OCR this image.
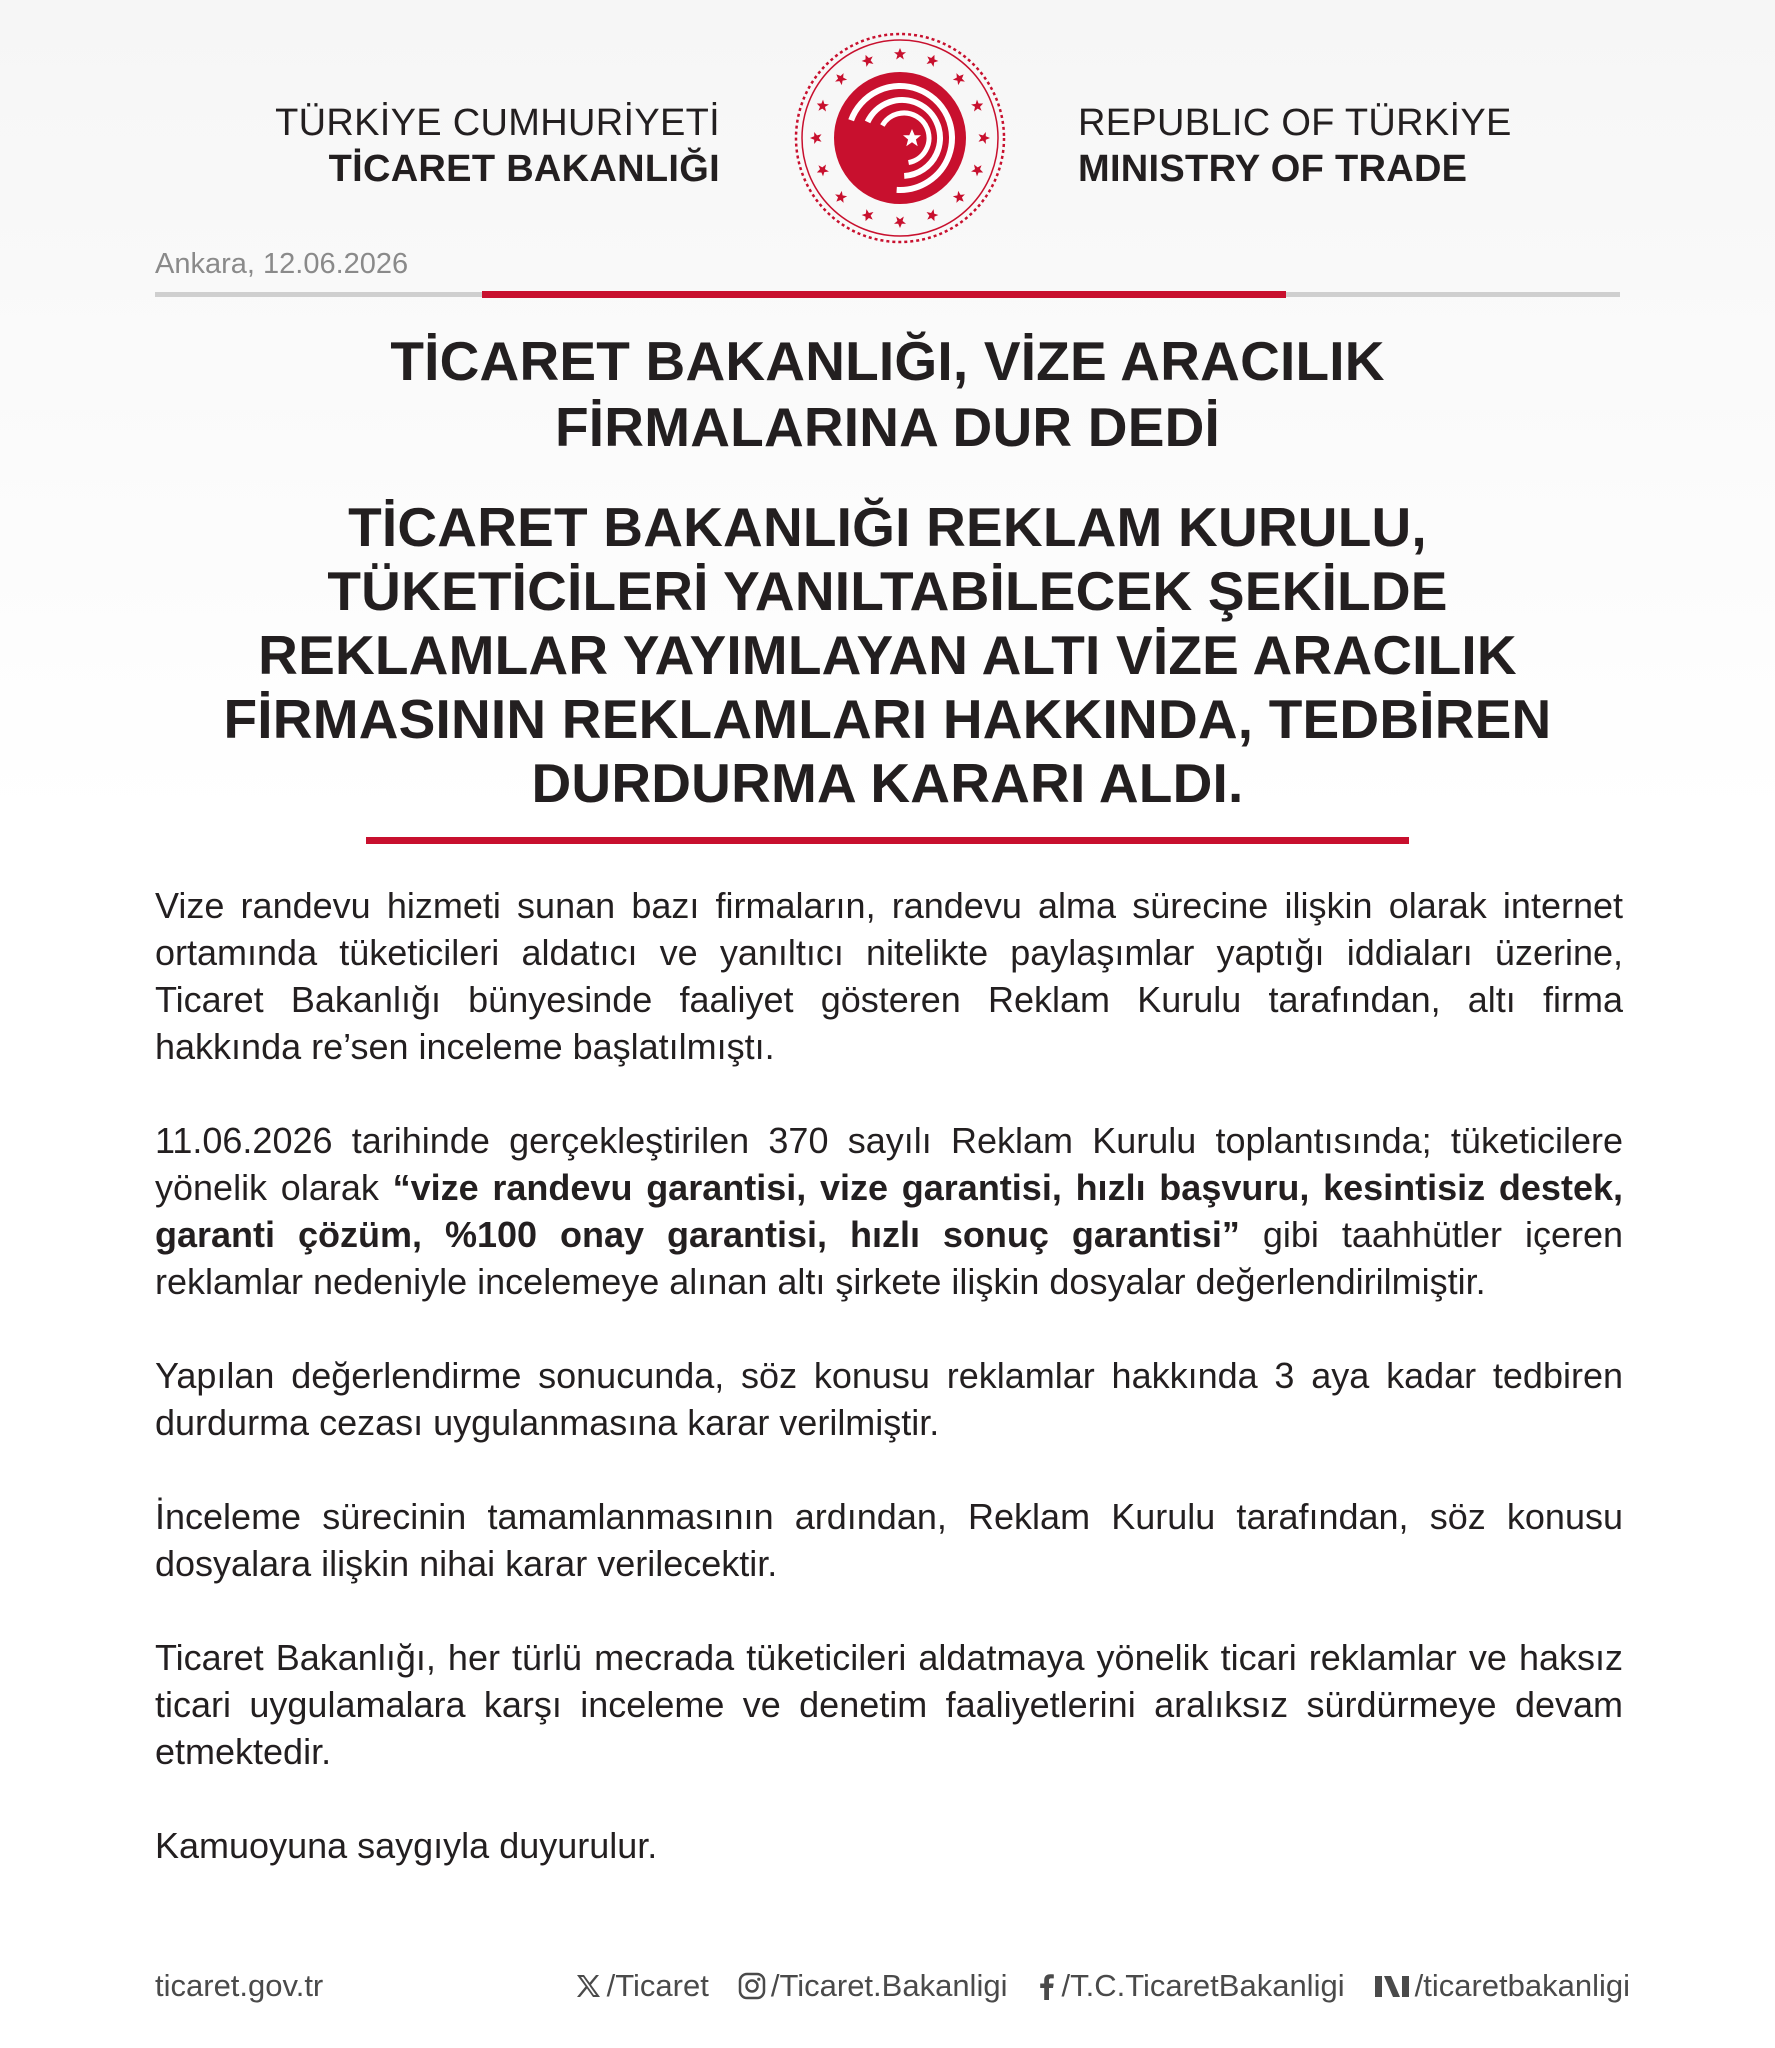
TÜRKİYE CUMHURİYETİ
TİCARET BAKANLIĞI
REPUBLIC OF TÜRKİYE
MINISTRY OF TRADE
Ankara, 12.06.2026
TİCARET BAKANLIĞI, VİZE ARACILIK
FİRMALARINA DUR DEDİ
TİCARET BAKANLIĞI REKLAM KURULU,
TÜKETİCİLERİ YANILTABİLECEK ŞEKİLDE
REKLAMLAR YAYIMLAYAN ALTI VİZE ARACILIK
FİRMASININ REKLAMLARI HAKKINDA, TEDBİREN
DURDURMA KARARI ALDI.

Vize randevu hizmeti sunan bazı firmaların, randevu alma sürecine ilişkin olarak internet ortamında tüketicileri aldatıcı ve yanıltıcı nitelikte paylaşımlar yaptığı iddiaları üzerine, Ticaret Bakanlığı bünyesinde faaliyet gösteren Reklam Kurulu tarafından, altı firma hakkında re’sen inceleme başlatılmıştı.

11.06.2026 tarihinde gerçekleştirilen 370 sayılı Reklam Kurulu toplantısında; tüketicilere yönelik olarak “vize randevu garantisi, vize garantisi, hızlı başvuru, kesintisiz destek, garanti çözüm, %100 onay garantisi, hızlı sonuç garantisi” gibi taahhütler içeren reklamlar nedeniyle incelemeye alınan altı şirkete ilişkin dosyalar değerlendirilmiştir.

Yapılan değerlendirme sonucunda, söz konusu reklamlar hakkında 3 aya kadar tedbiren durdurma cezası uygulanmasına karar verilmiştir.

İnceleme sürecinin tamamlanmasının ardından, Reklam Kurulu tarafından, söz konusu dosyalara ilişkin nihai karar verilecektir.

Ticaret Bakanlığı, her türlü mecrada tüketicileri aldatmaya yönelik ticari reklamlar ve haksız ticari uygulamalara karşı inceleme ve denetim faaliyetlerini aralıksız sürdürmeye devam etmektedir.

Kamuoyuna saygıyla duyurulur.

ticaret.gov.tr	/Ticaret /Ticaret.Bakanligi /T.C.TicaretBakanligi /ticaretbakanligi
